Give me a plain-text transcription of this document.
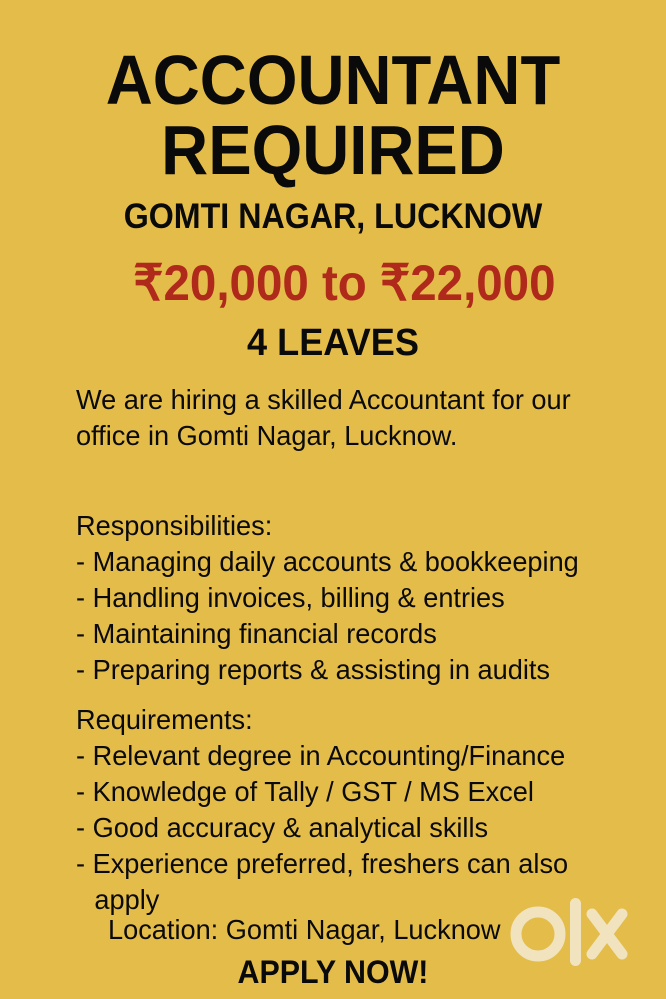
ACCOUNTANT
REQUIRED
GOMTI NAGAR, LUCKNOW
₹20,000 to ₹22,000
4 LEAVES
We are hiring a skilled Accountant for our office in Gomti Nagar, Lucknow.
Responsibilities:
- Managing daily accounts & bookkeeping
- Handling invoices, billing & entries
- Maintaining financial records
- Preparing reports & assisting in audits
Requirements:
- Relevant degree in Accounting/Finance
- Knowledge of Tally / GST / MS Excel
- Good accuracy & analytical skills
- Experience preferred, freshers can also apply
Location: Gomti Nagar, Lucknow
APPLY NOW!
